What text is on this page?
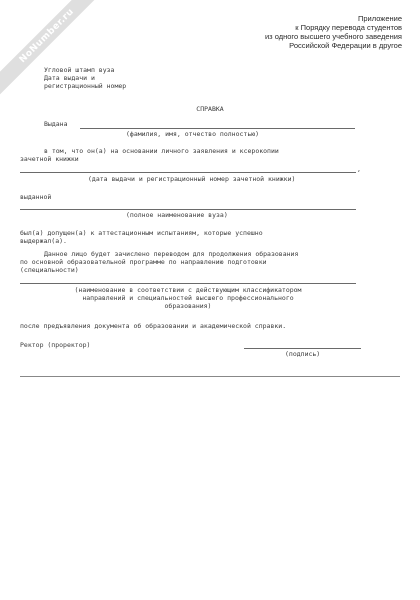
NoNumber.ru	Приложение
к Порядку перевода студентов
из одного высшего учебного заведения
Российской Федерации в другое
Угловой штамп вуза
Дата выдачи и
регистрационный номер
СПРАВКА
Выдана
(фамилия, имя, отчество полностью)
в том, что он(а) на основании личного заявления и ксерокопии
зачетной книжки
,
(дата выдачи и регистрационный номер зачетной книжки)
выданной
(полное наименование вуза)
был(а) допущен(а) к аттестационным испытаниям, которые успешно
выдержал(а).
Данное лицо будет зачислено переводом для продолжения образования
по основной образовательной программе по направлению подготовки
(специальности)
(наименование в соответствии с действующим классификатором
направлений и специальностей высшего профессионального
образования)
после предъявления документа об образовании и академической справки.
Ректор (проректор)
(подпись)
